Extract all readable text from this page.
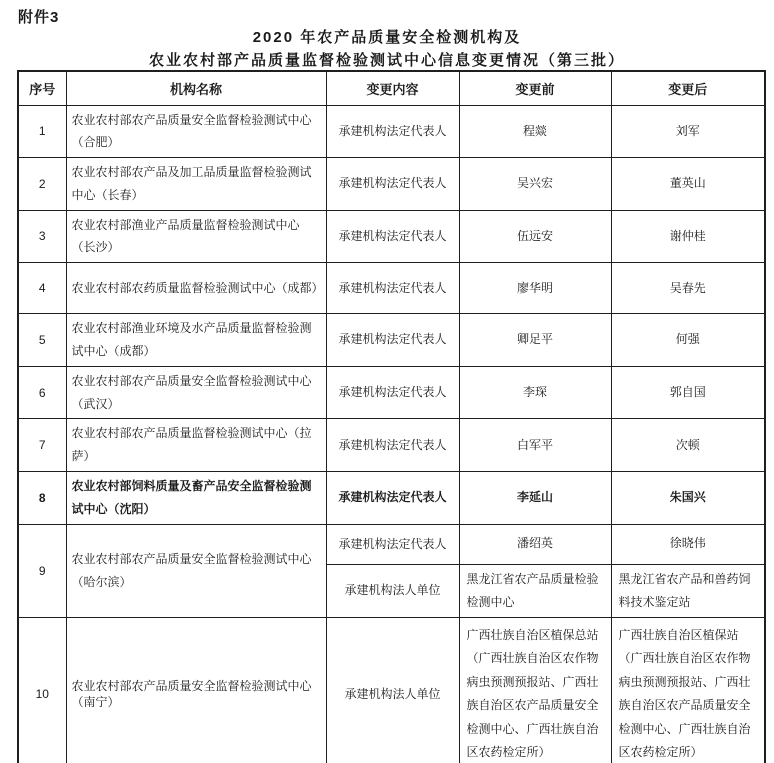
附件3
2020 年农产品质量安全检测机构及
农业农村部产品质量监督检验测试中心信息变更情况（第三批）
序号	机构名称	变更内容	变更前	变更后
1	农业农村部农产品质量安全监督检验测试中心（合肥）	承建机构法定代表人	程燚	刘军
2	农业农村部农产品及加工品质量监督检验测试中心（长春）	承建机构法定代表人	吴兴宏	董英山
3	农业农村部渔业产品质量监督检验测试中心（长沙）	承建机构法定代表人	伍远安	谢仲桂
4	农业农村部农药质量监督检验测试中心（成都）	承建机构法定代表人	廖华明	吴春先
5	农业农村部渔业环境及水产品质量监督检验测试中心（成都）	承建机构法定代表人	卿足平	何强
6	农业农村部农产品质量安全监督检验测试中心（武汉）	承建机构法定代表人	李琛	郭自国
7	农业农村部农产品质量监督检验测试中心（拉萨）	承建机构法定代表人	白军平	次顿
8	农业农村部饲料质量及畜产品安全监督检验测试中心（沈阳）	承建机构法定代表人	李延山	朱国兴
9	农业农村部农产品质量安全监督检验测试中心（哈尔滨）	承建机构法定代表人	潘绍英	徐晓伟
		承建机构法人单位	黑龙江省农产品质量检验检测中心	黑龙江省农产品和兽药饲料技术鉴定站
10	农业农村部农产品质量安全监督检验测试中心（南宁）	承建机构法人单位	广西壮族自治区植保总站（广西壮族自治区农作物病虫预测预报站、广西壮族自治区农产品质量安全检测中心、广西壮族自治区农药检定所）	广西壮族自治区植保站（广西壮族自治区农作物病虫预测预报站、广西壮族自治区农产品质量安全检测中心、广西壮族自治区农药检定所）
